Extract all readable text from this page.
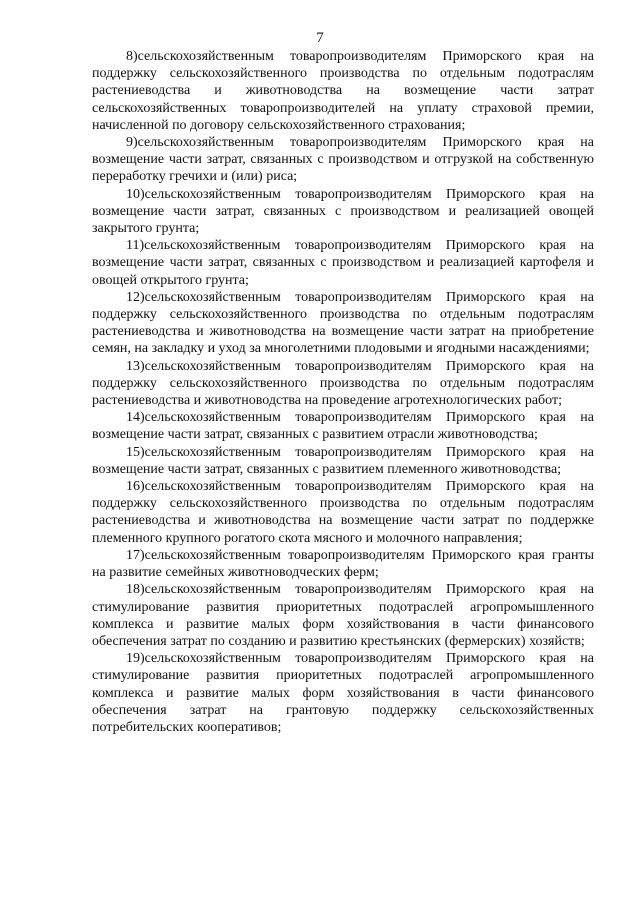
7

8)сельскохозяйственным товаропроизводителям Приморского края на поддержку сельскохозяйственного производства по отдельным подотраслям растениеводства и животноводства на возмещение части затрат сельскохозяйственных товаропроизводителей на уплату страховой премии, начисленной по договору сельскохозяйственного страхования;

9)сельскохозяйственным товаропроизводителям Приморского края на возмещение части затрат, связанных с производством и отгрузкой на собственную переработку гречихи и (или) риса;

10)сельскохозяйственным товаропроизводителям Приморского края на возмещение части затрат, связанных с производством и реализацией овощей закрытого грунта;

11)сельскохозяйственным товаропроизводителям Приморского края на возмещение части затрат, связанных с производством и реализацией картофеля и овощей открытого грунта;

12)сельскохозяйственным товаропроизводителям Приморского края на поддержку сельскохозяйственного производства по отдельным подотраслям растениеводства и животноводства на возмещение части затрат на приобретение семян, на закладку и уход за многолетними плодовыми и ягодными насаждениями;

13)сельскохозяйственным товаропроизводителям Приморского края на поддержку сельскохозяйственного производства по отдельным подотраслям растениеводства и животноводства на проведение агротехнологических работ;

14)сельскохозяйственным товаропроизводителям Приморского края на возмещение части затрат, связанных с развитием отрасли животноводства;

15)сельскохозяйственным товаропроизводителям Приморского края на возмещение части затрат, связанных с развитием племенного животноводства;

16)сельскохозяйственным товаропроизводителям Приморского края на поддержку сельскохозяйственного производства по отдельным подотраслям растениеводства и животноводства на возмещение части затрат по поддержке племенного крупного рогатого скота мясного и молочного направления;

17)сельскохозяйственным товаропроизводителям Приморского края гранты на развитие семейных животноводческих ферм;

18)сельскохозяйственным товаропроизводителям Приморского края на стимулирование развития приоритетных подотраслей агропромышленного комплекса и развитие малых форм хозяйствования в части финансового обеспечения затрат по созданию и развитию крестьянских (фермерских) хозяйств;

19)сельскохозяйственным товаропроизводителям Приморского края на стимулирование развития приоритетных подотраслей агропромышленного комплекса и развитие малых форм хозяйствования в части финансового обеспечения затрат на грантовую поддержку сельскохозяйственных потребительских кооперативов;
